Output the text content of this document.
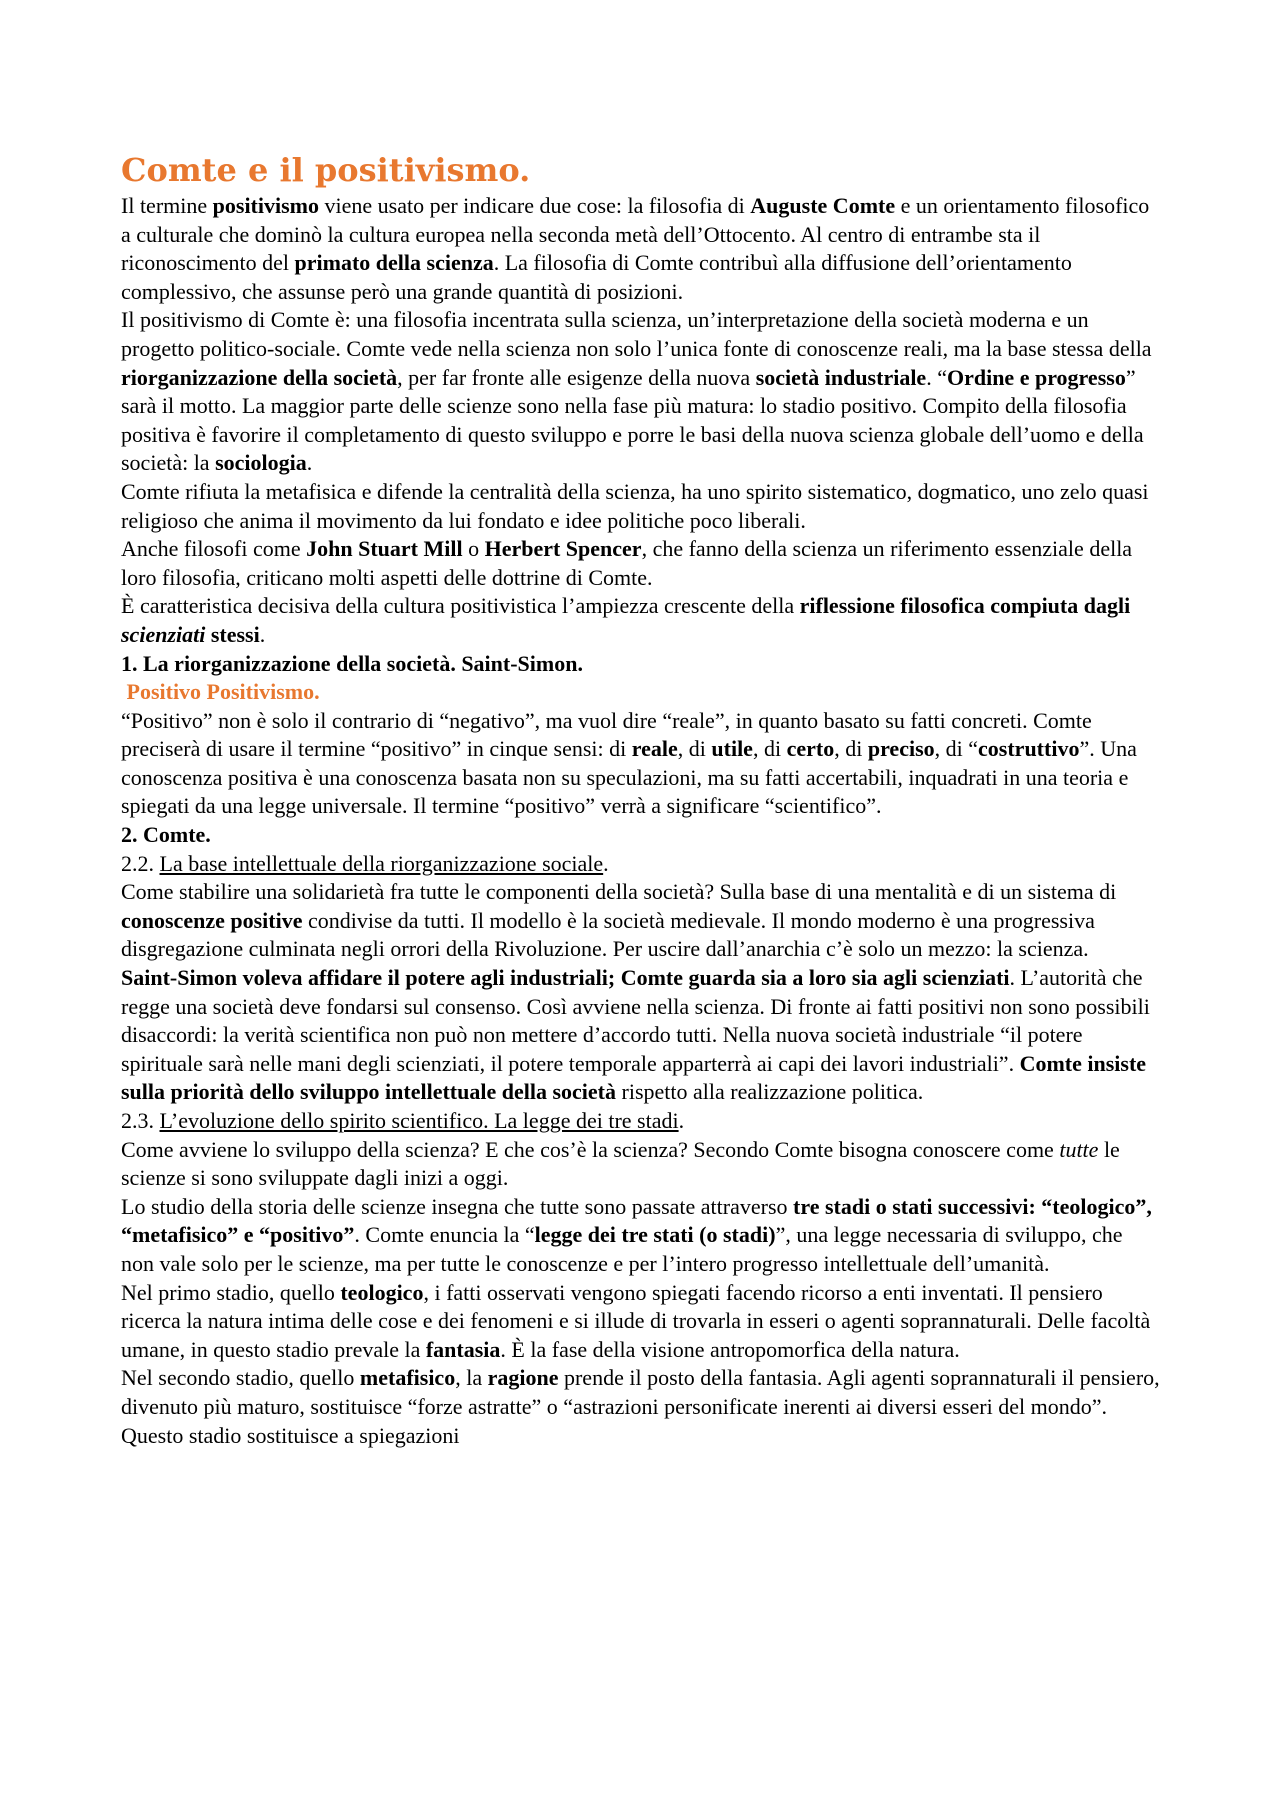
Comte e il positivismo.

Il termine positivismo viene usato per indicare due cose: la filosofia di Auguste Comte e un orientamento filosofico a culturale che dominò la cultura europea nella seconda metà dell’Ottocento. Al centro di entrambe sta il riconoscimento del primato della scienza. La filosofia di Comte contribuì alla diffusione dell’orientamento complessivo, che assunse però una grande quantità di posizioni.

Il positivismo di Comte è: una filosofia incentrata sulla scienza, un’interpretazione della società moderna e un progetto politico-sociale. Comte vede nella scienza non solo l’unica fonte di conoscenze reali, ma la base stessa della riorganizzazione della società, per far fronte alle esigenze della nuova società industriale. “Ordine e progresso” sarà il motto. La maggior parte delle scienze sono nella fase più matura: lo stadio positivo. Compito della filosofia positiva è favorire il completamento di questo sviluppo e porre le basi della nuova scienza globale dell’uomo e della società: la sociologia.

Comte rifiuta la metafisica e difende la centralità della scienza, ha uno spirito sistematico, dogmatico, uno zelo quasi religioso che anima il movimento da lui fondato e idee politiche poco liberali.

Anche filosofi come John Stuart Mill o Herbert Spencer, che fanno della scienza un riferimento essenziale della loro filosofia, criticano molti aspetti delle dottrine di Comte.

È caratteristica decisiva della cultura positivistica l’ampiezza crescente della riflessione filosofica compiuta dagli scienziati stessi.

1. La riorganizzazione della società. Saint-Simon.

Positivo Positivismo.

“Positivo” non è solo il contrario di “negativo”, ma vuol dire “reale”, in quanto basato su fatti concreti. Comte preciserà di usare il termine “positivo” in cinque sensi: di reale, di utile, di certo, di preciso, di “costruttivo”. Una conoscenza positiva è una conoscenza basata non su speculazioni, ma su fatti accertabili, inquadrati in una teoria e spiegati da una legge universale. Il termine “positivo” verrà a significare “scientifico”.

2. Comte.

2.2. La base intellettuale della riorganizzazione sociale.

Come stabilire una solidarietà fra tutte le componenti della società? Sulla base di una mentalità e di un sistema di conoscenze positive condivise da tutti. Il modello è la società medievale. Il mondo moderno è una progressiva disgregazione culminata negli orrori della Rivoluzione. Per uscire dall’anarchia c’è solo un mezzo: la scienza.

Saint-Simon voleva affidare il potere agli industriali; Comte guarda sia a loro sia agli scienziati. L’autorità che regge una società deve fondarsi sul consenso. Così avviene nella scienza. Di fronte ai fatti positivi non sono possibili disaccordi: la verità scientifica non può non mettere d’accordo tutti. Nella nuova società industriale “il potere spirituale sarà nelle mani degli scienziati, il potere temporale apparterrà ai capi dei lavori industriali”. Comte insiste sulla priorità dello sviluppo intellettuale della società rispetto alla realizzazione politica.

2.3. L’evoluzione dello spirito scientifico. La legge dei tre stadi.

Come avviene lo sviluppo della scienza? E che cos’è la scienza? Secondo Comte bisogna conoscere come tutte le scienze si sono sviluppate dagli inizi a oggi.

Lo studio della storia delle scienze insegna che tutte sono passate attraverso tre stadi o stati successivi: “teologico”, “metafisico” e “positivo”. Comte enuncia la “legge dei tre stati (o stadi)”, una legge necessaria di sviluppo, che non vale solo per le scienze, ma per tutte le conoscenze e per l’intero progresso intellettuale dell’umanità.

Nel primo stadio, quello teologico, i fatti osservati vengono spiegati facendo ricorso a enti inventati. Il pensiero ricerca la natura intima delle cose e dei fenomeni e si illude di trovarla in esseri o agenti soprannaturali. Delle facoltà umane, in questo stadio prevale la fantasia. È la fase della visione antropomorfica della natura.

Nel secondo stadio, quello metafisico, la ragione prende il posto della fantasia. Agli agenti soprannaturali il pensiero, divenuto più maturo, sostituisce “forze astratte” o “astrazioni personificate inerenti ai diversi esseri del mondo”. Questo stadio sostituisce a spiegazioni
